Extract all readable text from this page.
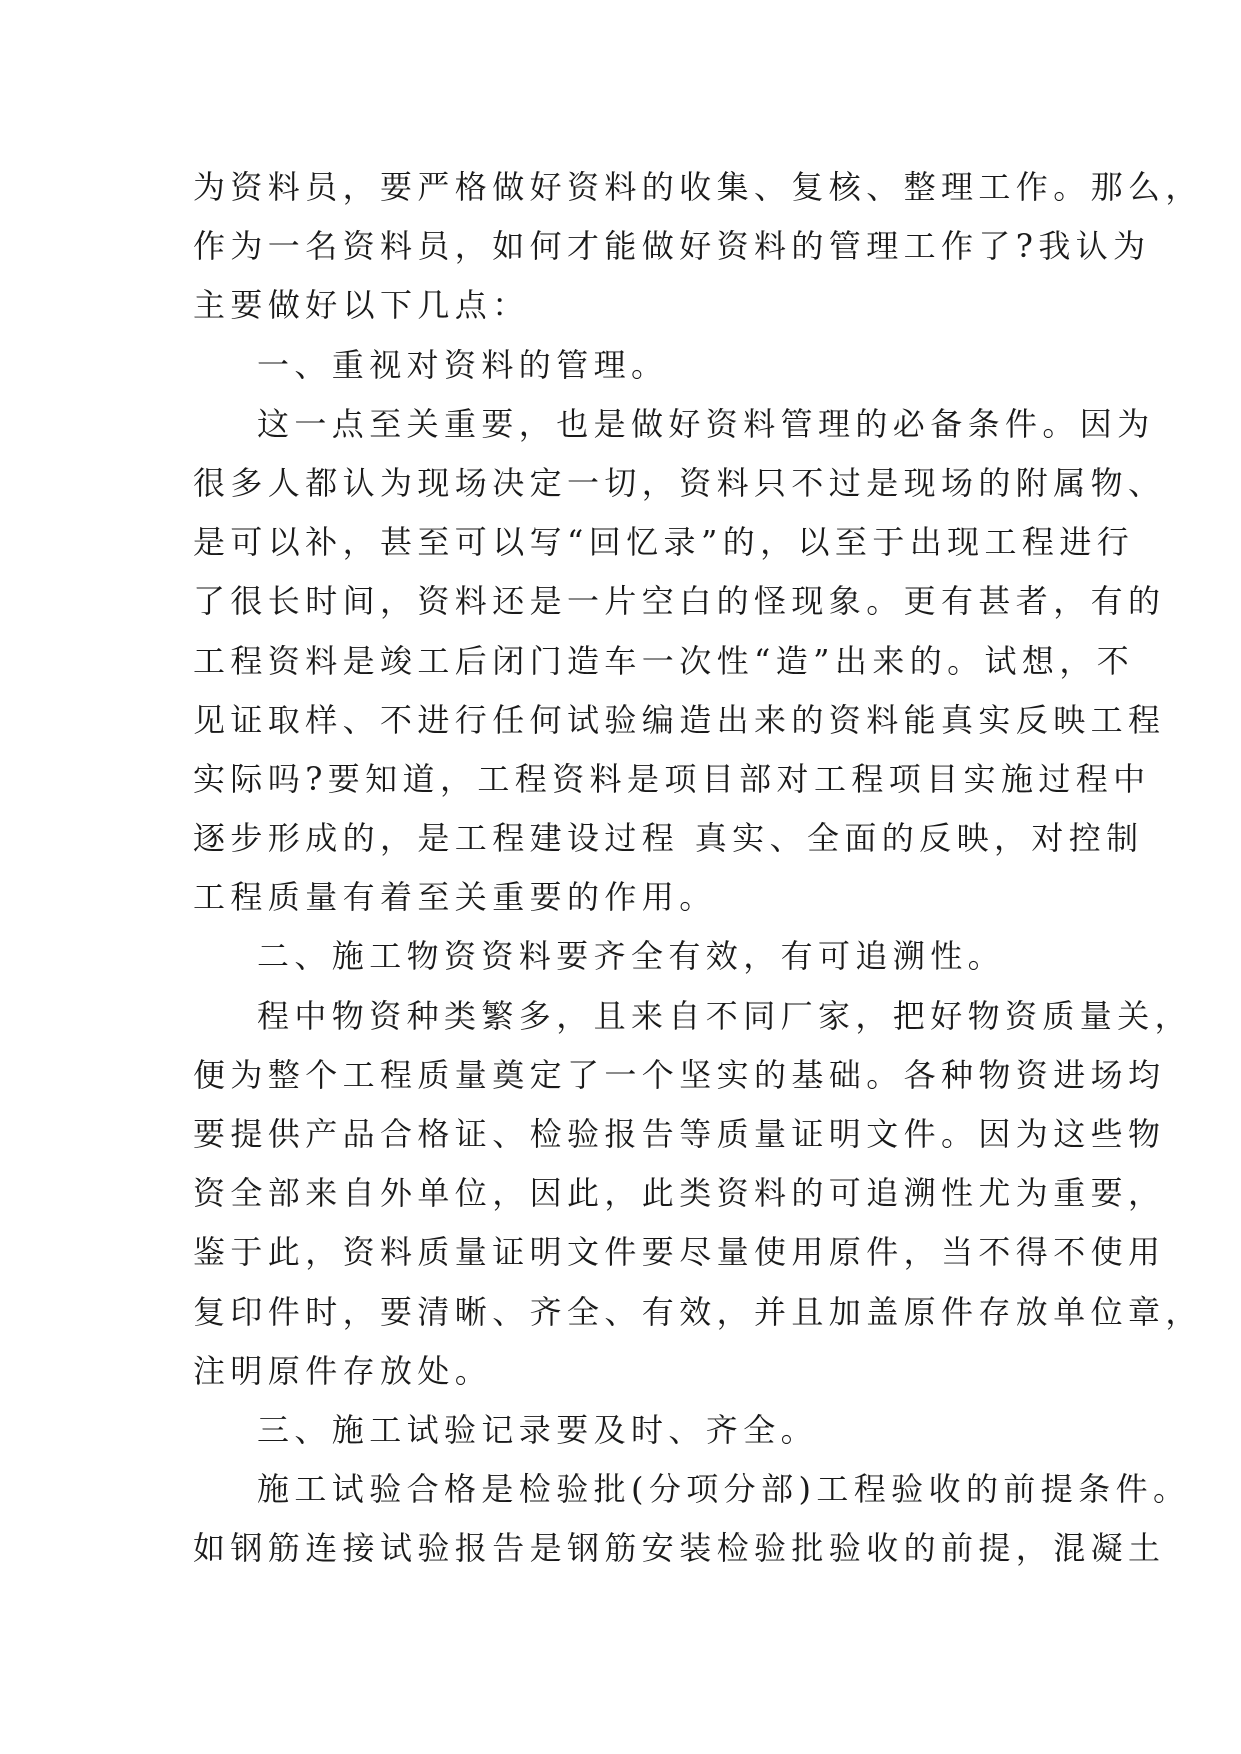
为资料员，要严格做好资料的收集、复核、整理工作。那么，
作为一名资料员，如何才能做好资料的管理工作了?我认为
主要做好以下几点：
一、重视对资料的管理。
这一点至关重要，也是做好资料管理的必备条件。因为
很多人都认为现场决定一切，资料只不过是现场的附属物、
是可以补，甚至可以写“回忆录”的，以至于出现工程进行
了很长时间，资料还是一片空白的怪现象。更有甚者，有的
工程资料是竣工后闭门造车一次性“造”出来的。试想，不
见证取样、不进行任何试验编造出来的资料能真实反映工程
实际吗?要知道，工程资料是项目部对工程项目实施过程中
逐步形成的，是工程建设过程 真实、全面的反映，对控制
工程质量有着至关重要的作用。
二、施工物资资料要齐全有效，有可追溯性。
程中物资种类繁多，且来自不同厂家，把好物资质量关，
便为整个工程质量奠定了一个坚实的基础。各种物资进场均
要提供产品合格证、检验报告等质量证明文件。因为这些物
资全部来自外单位，因此，此类资料的可追溯性尤为重要，
鉴于此，资料质量证明文件要尽量使用原件，当不得不使用
复印件时，要清晰、齐全、有效，并且加盖原件存放单位章，
注明原件存放处。
三、施工试验记录要及时、齐全。
施工试验合格是检验批(分项分部)工程验收的前提条件。
如钢筋连接试验报告是钢筋安装检验批验收的前提，混凝土
